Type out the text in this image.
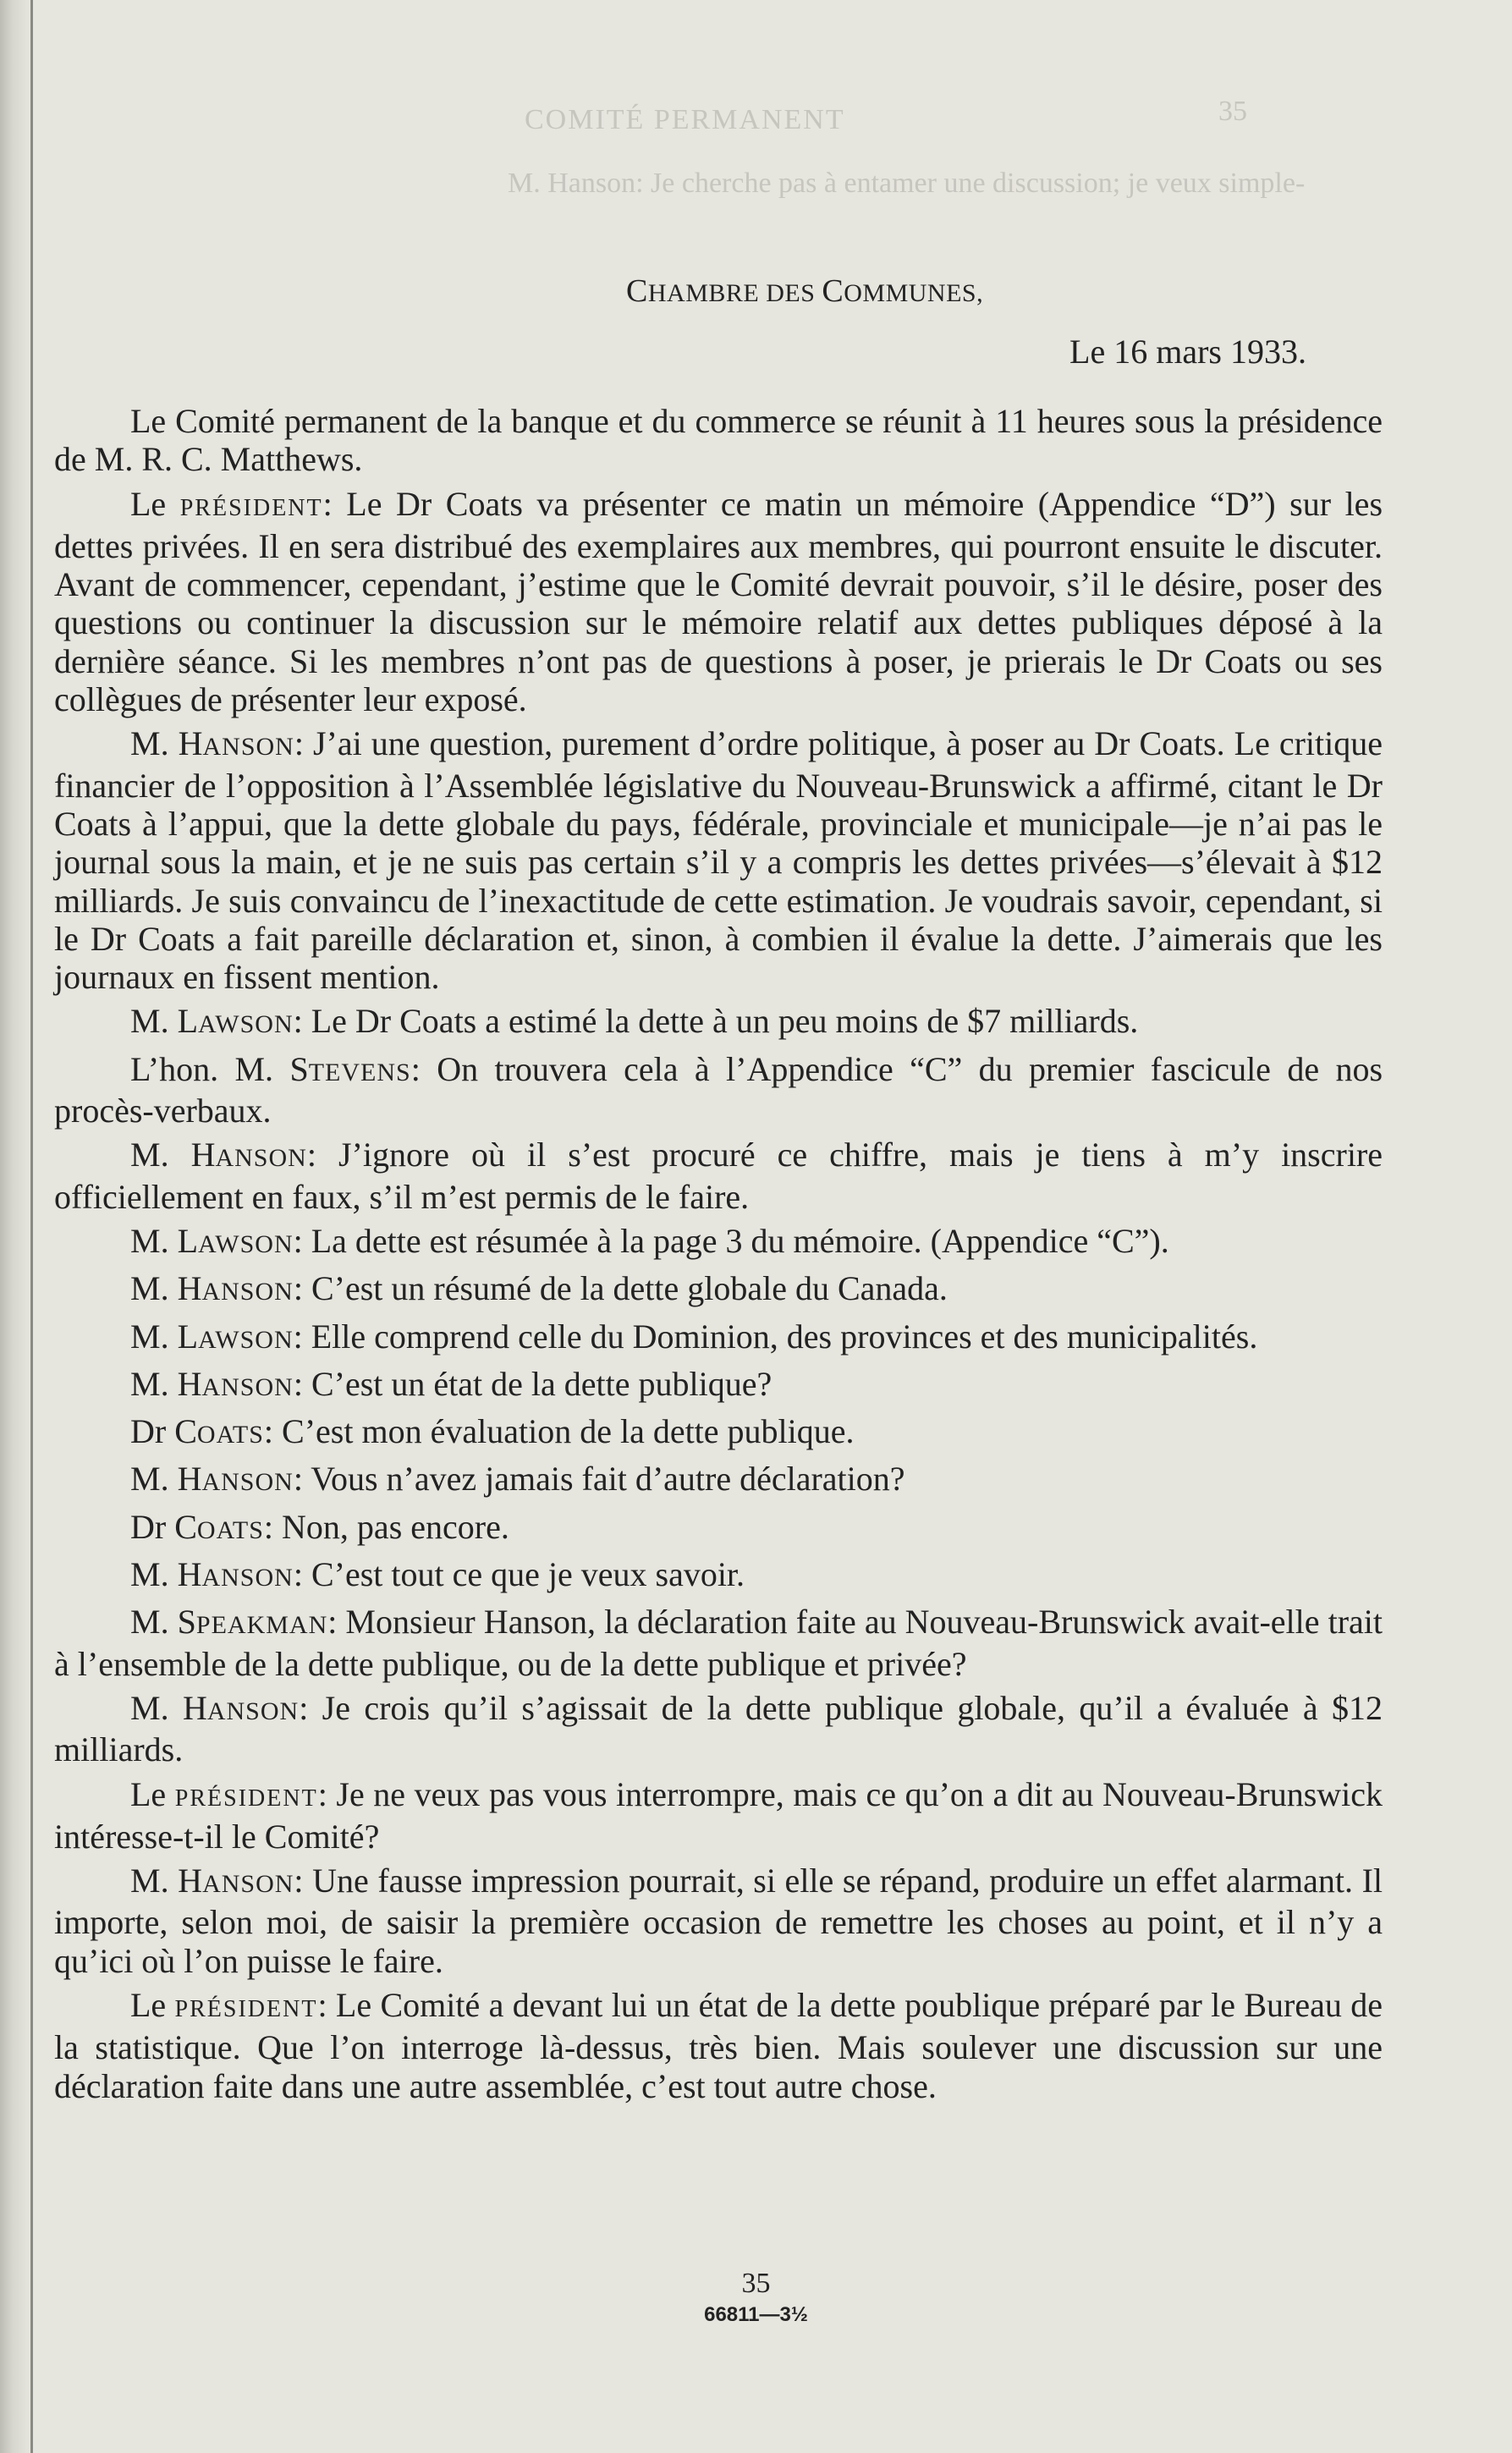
COMITÉ PERMANENT	35
M. Hanson: Je cherche pas à entamer une discussion; je veux simple-
CHAMBRE DES COMMUNES,
Le 16 mars 1933.

Le Comité permanent de la banque et du commerce se réunit à 11 heures sous la présidence de M. R. C. Matthews.

Le PRÉSIDENT: Le Dr Coats va présenter ce matin un mémoire (Appendice “D”) sur les dettes privées. Il en sera distribué des exemplaires aux membres, qui pourront ensuite le discuter. Avant de commencer, cependant, j’estime que le Comité devrait pouvoir, s’il le désire, poser des questions ou continuer la discussion sur le mémoire relatif aux dettes publiques déposé à la dernière séance. Si les membres n’ont pas de questions à poser, je prierais le Dr Coats ou ses collègues de présenter leur exposé.

M. HANSON: J’ai une question, purement d’ordre politique, à poser au Dr Coats. Le critique financier de l’opposition à l’Assemblée législative du Nouveau-Brunswick a affirmé, citant le Dr Coats à l’appui, que la dette globale du pays, fédérale, provinciale et municipale—je n’ai pas le journal sous la main, et je ne suis pas certain s’il y a compris les dettes privées—s’élevait à $12 milliards. Je suis convaincu de l’inexactitude de cette estimation. Je voudrais savoir, cependant, si le Dr Coats a fait pareille déclaration et, sinon, à combien il évalue la dette. J’aimerais que les journaux en fissent mention.

M. LAWSON: Le Dr Coats a estimé la dette à un peu moins de $7 milliards.

L’hon. M. STEVENS: On trouvera cela à l’Appendice “C” du premier fascicule de nos procès-verbaux.

M. HANSON: J’ignore où il s’est procuré ce chiffre, mais je tiens à m’y inscrire officiellement en faux, s’il m’est permis de le faire.

M. LAWSON: La dette est résumée à la page 3 du mémoire. (Appendice “C”).

M. HANSON: C’est un résumé de la dette globale du Canada.

M. LAWSON: Elle comprend celle du Dominion, des provinces et des municipalités.

M. HANSON: C’est un état de la dette publique?

Dr COATS: C’est mon évaluation de la dette publique.

M. HANSON: Vous n’avez jamais fait d’autre déclaration?

Dr COATS: Non, pas encore.

M. HANSON: C’est tout ce que je veux savoir.

M. SPEAKMAN: Monsieur Hanson, la déclaration faite au Nouveau-Brunswick avait-elle trait à l’ensemble de la dette publique, ou de la dette publique et privée?

M. HANSON: Je crois qu’il s’agissait de la dette publique globale, qu’il a évaluée à $12 milliards.

Le PRÉSIDENT: Je ne veux pas vous interrompre, mais ce qu’on a dit au Nouveau-Brunswick intéresse-t-il le Comité?

M. HANSON: Une fausse impression pourrait, si elle se répand, produire un effet alarmant. Il importe, selon moi, de saisir la première occasion de remettre les choses au point, et il n’y a qu’ici où l’on puisse le faire.

Le PRÉSIDENT: Le Comité a devant lui un état de la dette poublique préparé par le Bureau de la statistique. Que l’on interroge là-dessus, très bien. Mais soulever une discussion sur une déclaration faite dans une autre assemblée, c’est tout autre chose.

35
66811—3½
